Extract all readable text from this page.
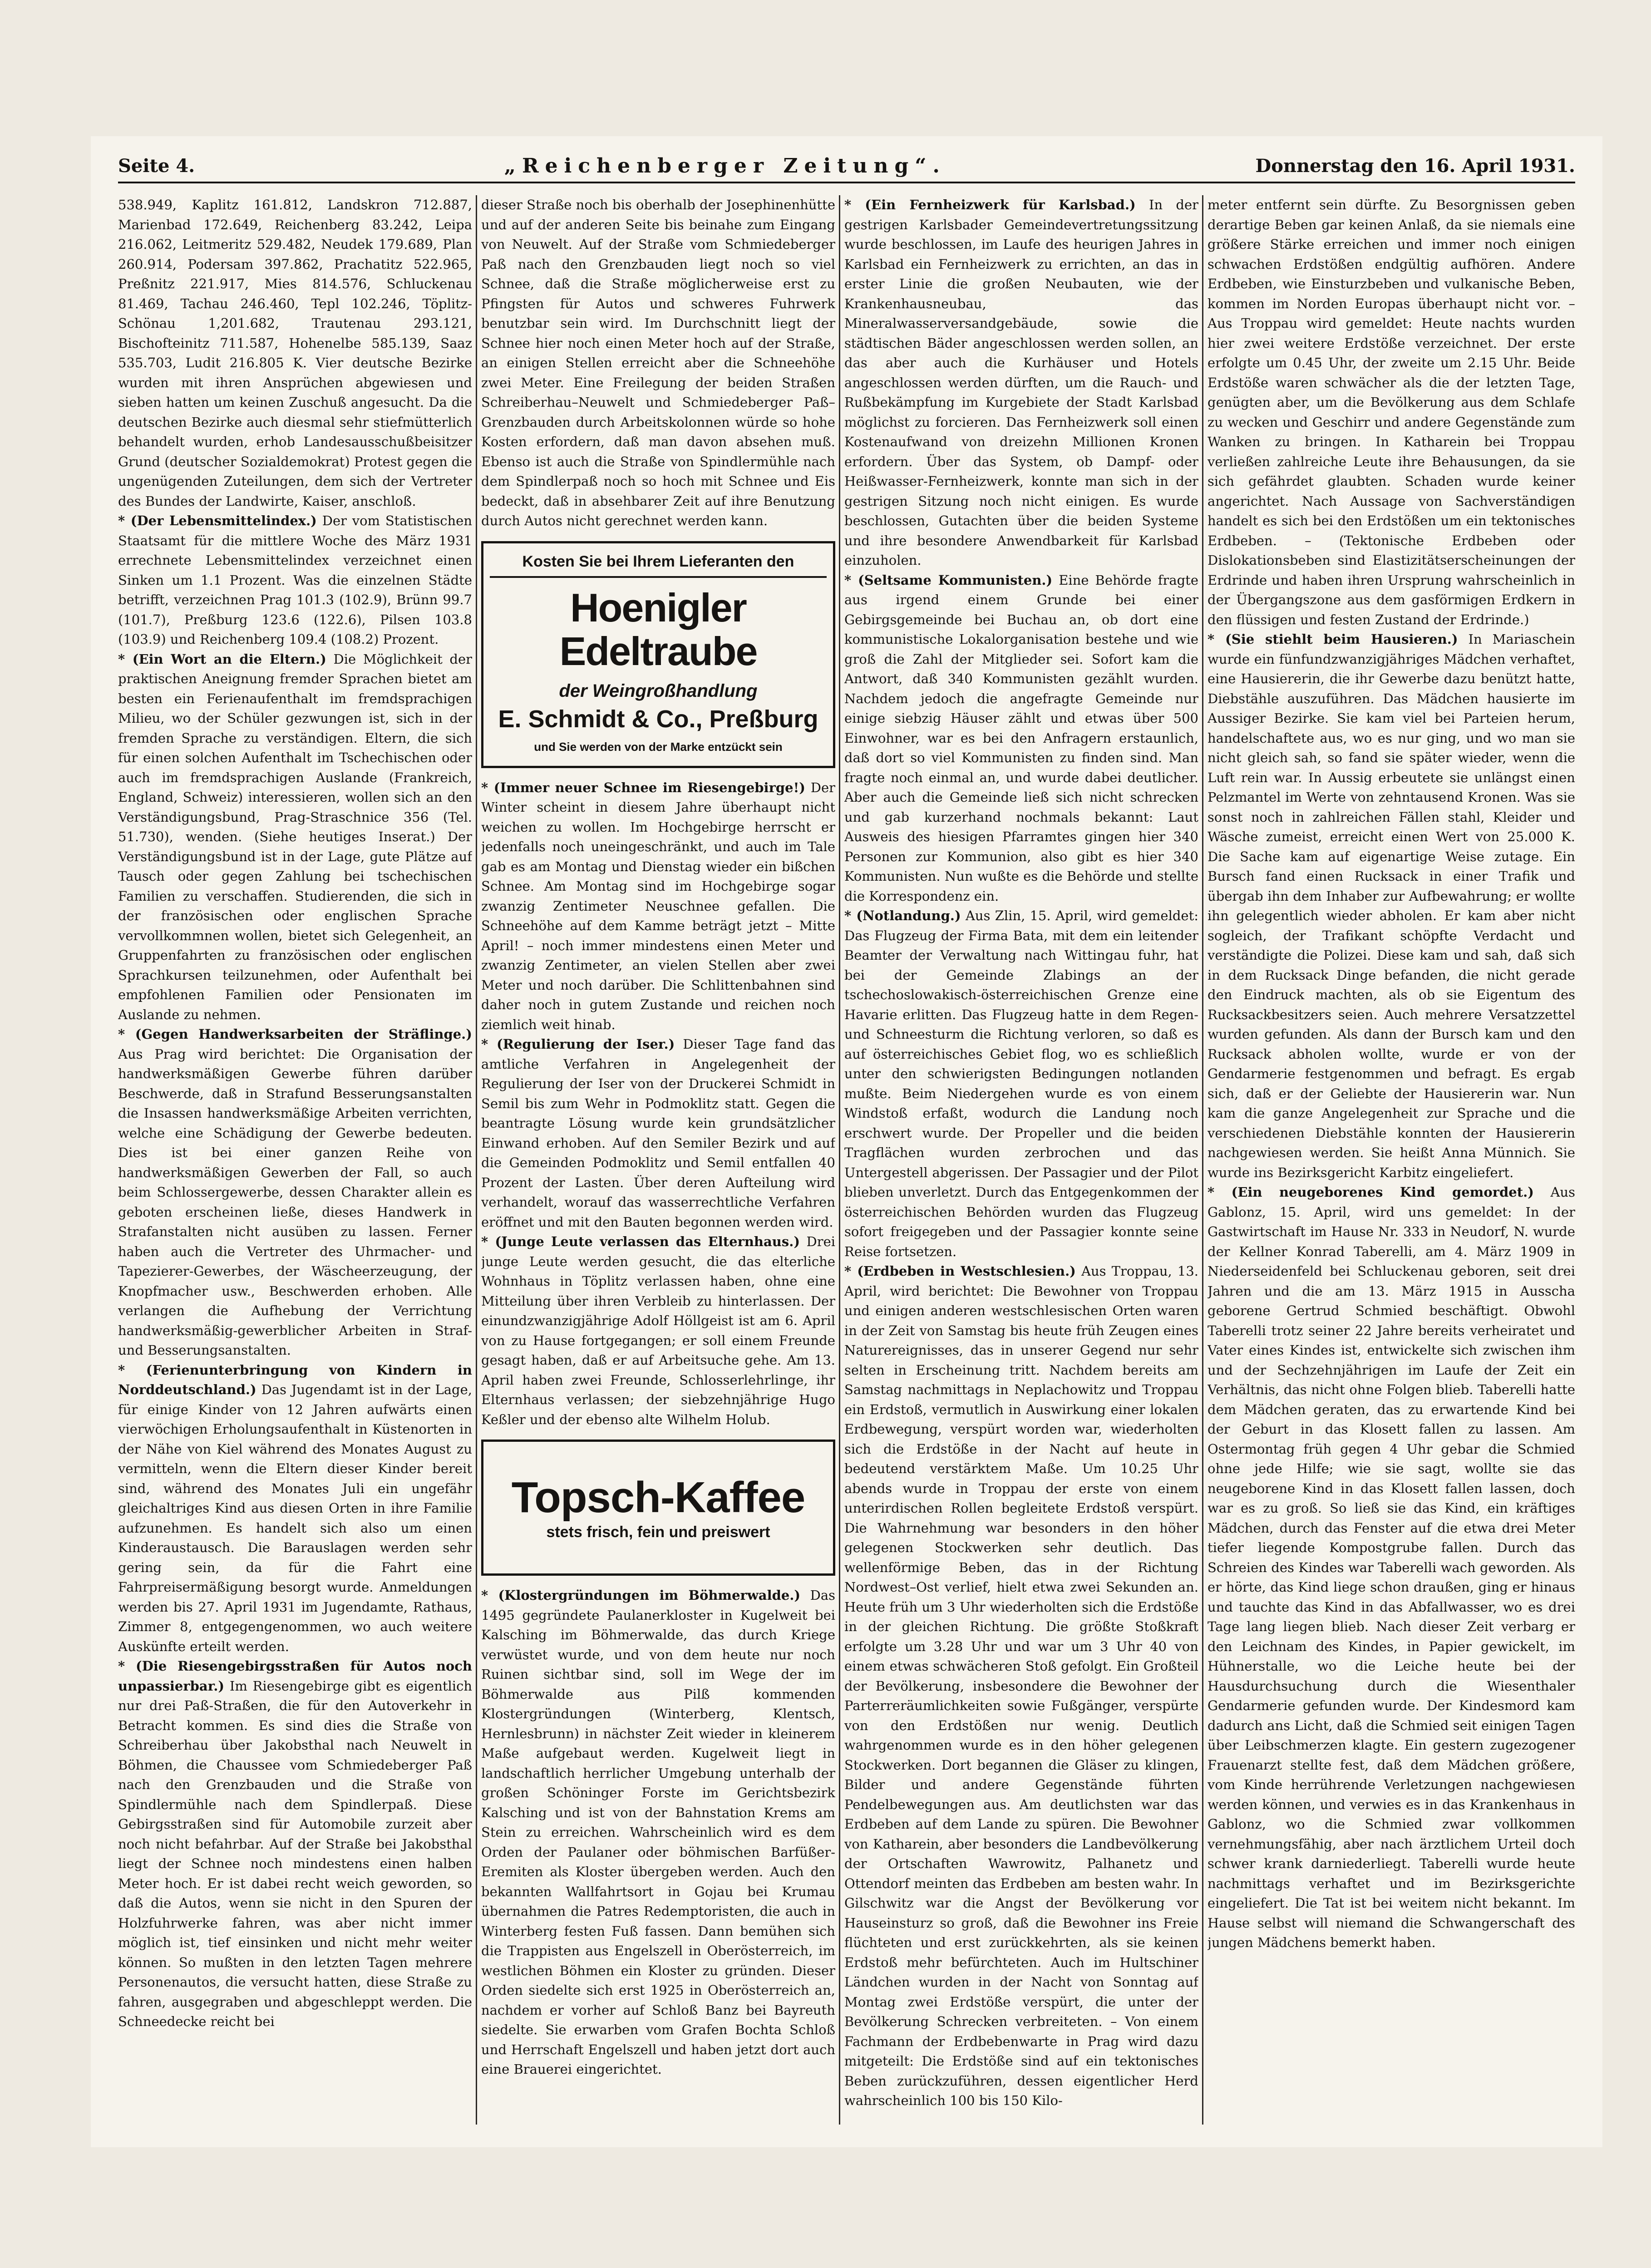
Seite 4.	„Reichenberger Zeitung“.	Donnerstag den 16. April 1931.

538.949, Kaplitz 161.812, Landskron 712.887, Marienbad 172.649, Reichenberg 83.242, Leipa 216.062, Leitmeritz 529.482, Neudek 179.689, Plan 260.914, Podersam 397.862, Prachatitz 522.965, Preßnitz 221.917, Mies 814.576, Schluckenau 81.469, Tachau 246.460, Tepl 102.246, Töplitz-Schönau 1,201.682, Trautenau 293.121, Bischofteinitz 711.587, Hohenelbe 585.139, Saaz 535.703, Ludit 216.805 K. Vier deutsche Bezirke wurden mit ihren Ansprüchen abgewiesen und sieben hatten um keinen Zuschuß angesucht. Da die deutschen Bezirke auch diesmal sehr stiefmütterlich behandelt wurden, erhob Landesausschußbeisitzer Grund (deutscher Sozialdemokrat) Protest gegen die ungenügenden Zuteilungen, dem sich der Vertreter des Bundes der Landwirte, Kaiser, anschloß.

* (Der Lebensmittelindex.) Der vom Statistischen Staatsamt für die mittlere Woche des März 1931 errechnete Lebensmittelindex verzeichnet einen Sinken um 1.1 Prozent. Was die einzelnen Städte betrifft, verzeichnen Prag 101.3 (102.9), Brünn 99.7 (101.7), Preßburg 123.6 (122.6), Pilsen 103.8 (103.9) und Reichenberg 109.4 (108.2) Prozent.

* (Ein Wort an die Eltern.) Die Möglichkeit der praktischen Aneignung fremder Sprachen bietet am besten ein Ferienaufenthalt im fremdsprachigen Milieu, wo der Schüler gezwungen ist, sich in der fremden Sprache zu verständigen. Eltern, die sich für einen solchen Aufenthalt im Tschechischen oder auch im fremdsprachigen Auslande (Frankreich, England, Schweiz) interessieren, wollen sich an den Verständigungsbund, Prag-Straschnice 356 (Tel. 51.730), wenden. (Siehe heutiges Inserat.) Der Verständigungsbund ist in der Lage, gute Plätze auf Tausch oder gegen Zahlung bei tschechischen Familien zu verschaffen. Studierenden, die sich in der französischen oder englischen Sprache vervollkommnen wollen, bietet sich Gelegenheit, an Gruppenfahrten zu französischen oder englischen Sprachkursen teilzunehmen, oder Aufenthalt bei empfohlenen Familien oder Pensionaten im Auslande zu nehmen.

* (Gegen Handwerksarbeiten der Sträflinge.) Aus Prag wird berichtet: Die Organisation der handwerksmäßigen Gewerbe führen darüber Beschwerde, daß in Strafund Besserungsanstalten die Insassen handwerksmäßige Arbeiten verrichten, welche eine Schädigung der Gewerbe bedeuten. Dies ist bei einer ganzen Reihe von handwerksmäßigen Gewerben der Fall, so auch beim Schlossergewerbe, dessen Charakter allein es geboten erscheinen ließe, dieses Handwerk in Strafanstalten nicht ausüben zu lassen. Ferner haben auch die Vertreter des Uhrmacher- und Tapezierer-Gewerbes, der Wäscheerzeugung, der Knopfmacher usw., Beschwerden erhoben. Alle verlangen die Aufhebung der Verrichtung handwerksmäßig-gewerblicher Arbeiten in Straf- und Besserungsanstalten.

* (Ferienunterbringung von Kindern in Norddeutschland.) Das Jugendamt ist in der Lage, für einige Kinder von 12 Jahren aufwärts einen vierwöchigen Erholungsaufenthalt in Küstenorten in der Nähe von Kiel während des Monates August zu vermitteln, wenn die Eltern dieser Kinder bereit sind, während des Monates Juli ein ungefähr gleichaltriges Kind aus diesen Orten in ihre Familie aufzunehmen. Es handelt sich also um einen Kinderaustausch. Die Barauslagen werden sehr gering sein, da für die Fahrt eine Fahrpreisermäßigung besorgt wurde. Anmeldungen werden bis 27. April 1931 im Jugendamte, Rathaus, Zimmer 8, entgegengenommen, wo auch weitere Auskünfte erteilt werden.

* (Die Riesengebirgsstraßen für Autos noch unpassierbar.) Im Riesengebirge gibt es eigentlich nur drei Paß-Straßen, die für den Autoverkehr in Betracht kommen. Es sind dies die Straße von Schreiberhau über Jakobsthal nach Neuwelt in Böhmen, die Chaussee vom Schmiedeberger Paß nach den Grenzbauden und die Straße von Spindlermühle nach dem Spindlerpaß. Diese Gebirgsstraßen sind für Automobile zurzeit aber noch nicht befahrbar. Auf der Straße bei Jakobsthal liegt der Schnee noch mindestens einen halben Meter hoch. Er ist dabei recht weich geworden, so daß die Autos, wenn sie nicht in den Spuren der Holzfuhrwerke fahren, was aber nicht immer möglich ist, tief einsinken und nicht mehr weiter können. So mußten in den letzten Tagen mehrere Personenautos, die versucht hatten, diese Straße zu fahren, ausgegraben und abgeschleppt werden. Die Schneedecke reicht bei

dieser Straße noch bis oberhalb der Josephinenhütte und auf der anderen Seite bis beinahe zum Eingang von Neuwelt. Auf der Straße vom Schmiedeberger Paß nach den Grenzbauden liegt noch so viel Schnee, daß die Straße möglicherweise erst zu Pfingsten für Autos und schweres Fuhrwerk benutzbar sein wird. Im Durchschnitt liegt der Schnee hier noch einen Meter hoch auf der Straße, an einigen Stellen erreicht aber die Schneehöhe zwei Meter. Eine Freilegung der beiden Straßen Schreiberhau–Neuwelt und Schmiedeberger Paß–Grenzbauden durch Arbeitskolonnen würde so hohe Kosten erfordern, daß man davon absehen muß. Ebenso ist auch die Straße von Spindlermühle nach dem Spindlerpaß noch so hoch mit Schnee und Eis bedeckt, daß in absehbarer Zeit auf ihre Benutzung durch Autos nicht gerechnet werden kann.

Kosten Sie bei Ihrem Lieferanten den
Hoenigler Edeltraube
der Weingroßhandlung
E. Schmidt & Co., Preßburg
und Sie werden von der Marke entzückt sein

* (Immer neuer Schnee im Riesengebirge!) Der Winter scheint in diesem Jahre überhaupt nicht weichen zu wollen. Im Hochgebirge herrscht er jedenfalls noch uneingeschränkt, und auch im Tale gab es am Montag und Dienstag wieder ein bißchen Schnee. Am Montag sind im Hochgebirge sogar zwanzig Zentimeter Neuschnee gefallen. Die Schneehöhe auf dem Kamme beträgt jetzt – Mitte April! – noch immer mindestens einen Meter und zwanzig Zentimeter, an vielen Stellen aber zwei Meter und noch darüber. Die Schlittenbahnen sind daher noch in gutem Zustande und reichen noch ziemlich weit hinab.

* (Regulierung der Iser.) Dieser Tage fand das amtliche Verfahren in Angelegenheit der Regulierung der Iser von der Druckerei Schmidt in Semil bis zum Wehr in Podmoklitz statt. Gegen die beantragte Lösung wurde kein grundsätzlicher Einwand erhoben. Auf den Semiler Bezirk und auf die Gemeinden Podmoklitz und Semil entfallen 40 Prozent der Lasten. Über deren Aufteilung wird verhandelt, worauf das wasserrechtliche Verfahren eröffnet und mit den Bauten begonnen werden wird.

* (Junge Leute verlassen das Elternhaus.) Drei junge Leute werden gesucht, die das elterliche Wohnhaus in Töplitz verlassen haben, ohne eine Mitteilung über ihren Verbleib zu hinterlassen. Der einundzwanzigjährige Adolf Höllgeist ist am 6. April von zu Hause fortgegangen; er soll einem Freunde gesagt haben, daß er auf Arbeitsuche gehe. Am 13. April haben zwei Freunde, Schlosserlehrlinge, ihr Elternhaus verlassen; der siebzehnjährige Hugo Keßler und der ebenso alte Wilhelm Holub.

Topsch-Kaffee
stets frisch, fein und preiswert

* (Klostergründungen im Böhmerwalde.) Das 1495 gegründete Paulanerkloster in Kugelweit bei Kalsching im Böhmerwalde, das durch Kriege verwüstet wurde, und von dem heute nur noch Ruinen sichtbar sind, soll im Wege der im Böhmerwalde aus Pilß kommenden Klostergründungen (Winterberg, Klentsch, Hernlesbrunn) in nächster Zeit wieder in kleinerem Maße aufgebaut werden. Kugelweit liegt in landschaftlich herrlicher Umgebung unterhalb der großen Schöninger Forste im Gerichtsbezirk Kalsching und ist von der Bahnstation Krems am Stein zu erreichen. Wahrscheinlich wird es dem Orden der Paulaner oder böhmischen Barfüßer-Eremiten als Kloster übergeben werden. Auch den bekannten Wallfahrtsort in Gojau bei Krumau übernahmen die Patres Redemptoristen, die auch in Winterberg festen Fuß fassen. Dann bemühen sich die Trappisten aus Engelszell in Oberösterreich, im westlichen Böhmen ein Kloster zu gründen. Dieser Orden siedelte sich erst 1925 in Oberösterreich an, nachdem er vorher auf Schloß Banz bei Bayreuth siedelte. Sie erwarben vom Grafen Bochta Schloß und Herrschaft Engelszell und haben jetzt dort auch eine Brauerei eingerichtet.

* (Ein Fernheizwerk für Karlsbad.) In der gestrigen Karlsbader Gemeindevertretungssitzung wurde beschlossen, im Laufe des heurigen Jahres in Karlsbad ein Fernheizwerk zu errichten, an das in erster Linie die großen Neubauten, wie der Krankenhausneubau, das Mineralwasserversandgebäude, sowie die städtischen Bäder angeschlossen werden sollen, an das aber auch die Kurhäuser und Hotels angeschlossen werden dürften, um die Rauch- und Rußbekämpfung im Kurgebiete der Stadt Karlsbad möglichst zu forcieren. Das Fernheizwerk soll einen Kostenaufwand von dreizehn Millionen Kronen erfordern. Über das System, ob Dampf- oder Heißwasser-Fernheizwerk, konnte man sich in der gestrigen Sitzung noch nicht einigen. Es wurde beschlossen, Gutachten über die beiden Systeme und ihre besondere Anwendbarkeit für Karlsbad einzuholen.

* (Seltsame Kommunisten.) Eine Behörde fragte aus irgend einem Grunde bei einer Gebirgsgemeinde bei Buchau an, ob dort eine kommunistische Lokalorganisation bestehe und wie groß die Zahl der Mitglieder sei. Sofort kam die Antwort, daß 340 Kommunisten gezählt wurden. Nachdem jedoch die angefragte Gemeinde nur einige siebzig Häuser zählt und etwas über 500 Einwohner, war es bei den Anfragern erstaunlich, daß dort so viel Kommunisten zu finden sind. Man fragte noch einmal an, und wurde dabei deutlicher. Aber auch die Gemeinde ließ sich nicht schrecken und gab kurzerhand nochmals bekannt: Laut Ausweis des hiesigen Pfarramtes gingen hier 340 Personen zur Kommunion, also gibt es hier 340 Kommunisten. Nun wußte es die Behörde und stellte die Korrespondenz ein.

* (Notlandung.) Aus Zlin, 15. April, wird gemeldet: Das Flugzeug der Firma Bata, mit dem ein leitender Beamter der Verwaltung nach Wittingau fuhr, hat bei der Gemeinde Zlabings an der tschechoslowakisch-österreichischen Grenze eine Havarie erlitten. Das Flugzeug hatte in dem Regen- und Schneesturm die Richtung verloren, so daß es auf österreichisches Gebiet flog, wo es schließlich unter den schwierigsten Bedingungen notlanden mußte. Beim Niedergehen wurde es von einem Windstoß erfaßt, wodurch die Landung noch erschwert wurde. Der Propeller und die beiden Tragflächen wurden zerbrochen und das Untergestell abgerissen. Der Passagier und der Pilot blieben unverletzt. Durch das Entgegenkommen der österreichischen Behörden wurden das Flugzeug sofort freigegeben und der Passagier konnte seine Reise fortsetzen.

* (Erdbeben in Westschlesien.) Aus Troppau, 13. April, wird berichtet: Die Bewohner von Troppau und einigen anderen westschlesischen Orten waren in der Zeit von Samstag bis heute früh Zeugen eines Naturereignisses, das in unserer Gegend nur sehr selten in Erscheinung tritt. Nachdem bereits am Samstag nachmittags in Neplachowitz und Troppau ein Erdstoß, vermutlich in Auswirkung einer lokalen Erdbewegung, verspürt worden war, wiederholten sich die Erdstöße in der Nacht auf heute in bedeutend verstärktem Maße. Um 10.25 Uhr abends wurde in Troppau der erste von einem unterirdischen Rollen begleitete Erdstoß verspürt. Die Wahrnehmung war besonders in den höher gelegenen Stockwerken sehr deutlich. Das wellenförmige Beben, das in der Richtung Nordwest–Ost verlief, hielt etwa zwei Sekunden an. Heute früh um 3 Uhr wiederholten sich die Erdstöße in der gleichen Richtung. Die größte Stoßkraft erfolgte um 3.28 Uhr und war um 3 Uhr 40 von einem etwas schwächeren Stoß gefolgt. Ein Großteil der Bevölkerung, insbesondere die Bewohner der Parterreräumlichkeiten sowie Fußgänger, verspürte von den Erdstößen nur wenig. Deutlich wahrgenommen wurde es in den höher gelegenen Stockwerken. Dort begannen die Gläser zu klingen, Bilder und andere Gegenstände führten Pendelbewegungen aus. Am deutlichsten war das Erdbeben auf dem Lande zu spüren. Die Bewohner von Katharein, aber besonders die Landbevölkerung der Ortschaften Wawrowitz, Palhanetz und Ottendorf meinten das Erdbeben am besten wahr. In Gilschwitz war die Angst der Bevölkerung vor Hauseinsturz so groß, daß die Bewohner ins Freie flüchteten und erst zurückkehrten, als sie keinen Erdstoß mehr befürchteten. Auch im Hultschiner Ländchen wurden in der Nacht von Sonntag auf Montag zwei Erdstöße verspürt, die unter der Bevölkerung Schrecken verbreiteten. – Von einem Fachmann der Erdbebenwarte in Prag wird dazu mitgeteilt: Die Erdstöße sind auf ein tektonisches Beben zurückzuführen, dessen eigentlicher Herd wahrscheinlich 100 bis 150 Kilo-

meter entfernt sein dürfte. Zu Besorgnissen geben derartige Beben gar keinen Anlaß, da sie niemals eine größere Stärke erreichen und immer noch einigen schwachen Erdstößen endgültig aufhören. Andere Erdbeben, wie Einsturzbeben und vulkanische Beben, kommen im Norden Europas überhaupt nicht vor. – Aus Troppau wird gemeldet: Heute nachts wurden hier zwei weitere Erdstöße verzeichnet. Der erste erfolgte um 0.45 Uhr, der zweite um 2.15 Uhr. Beide Erdstöße waren schwächer als die der letzten Tage, genügten aber, um die Bevölkerung aus dem Schlafe zu wecken und Geschirr und andere Gegenstände zum Wanken zu bringen. In Katharein bei Troppau verließen zahlreiche Leute ihre Behausungen, da sie sich gefährdet glaubten. Schaden wurde keiner angerichtet. Nach Aussage von Sachverständigen handelt es sich bei den Erdstößen um ein tektonisches Erdbeben. – (Tektonische Erdbeben oder Dislokationsbeben sind Elastizitätserscheinungen der Erdrinde und haben ihren Ursprung wahrscheinlich in der Übergangszone aus dem gasförmigen Erdkern in den flüssigen und festen Zustand der Erdrinde.)

* (Sie stiehlt beim Hausieren.) In Mariaschein wurde ein fünfundzwanzigjähriges Mädchen verhaftet, eine Hausiererin, die ihr Gewerbe dazu benützt hatte, Diebstähle auszuführen. Das Mädchen hausierte im Aussiger Bezirke. Sie kam viel bei Parteien herum, handelschaftete aus, wo es nur ging, und wo man sie nicht gleich sah, so fand sie später wieder, wenn die Luft rein war. In Aussig erbeutete sie unlängst einen Pelzmantel im Werte von zehntausend Kronen. Was sie sonst noch in zahlreichen Fällen stahl, Kleider und Wäsche zumeist, erreicht einen Wert von 25.000 K. Die Sache kam auf eigenartige Weise zutage. Ein Bursch fand einen Rucksack in einer Trafik und übergab ihn dem Inhaber zur Aufbewahrung; er wollte ihn gelegentlich wieder abholen. Er kam aber nicht sogleich, der Trafikant schöpfte Verdacht und verständigte die Polizei. Diese kam und sah, daß sich in dem Rucksack Dinge befanden, die nicht gerade den Eindruck machten, als ob sie Eigentum des Rucksackbesitzers seien. Auch mehrere Versatzzettel wurden gefunden. Als dann der Bursch kam und den Rucksack abholen wollte, wurde er von der Gendarmerie festgenommen und befragt. Es ergab sich, daß er der Geliebte der Hausiererin war. Nun kam die ganze Angelegenheit zur Sprache und die verschiedenen Diebstähle konnten der Hausiererin nachgewiesen werden. Sie heißt Anna Münnich. Sie wurde ins Bezirksgericht Karbitz eingeliefert.

* (Ein neugeborenes Kind gemordet.) Aus Gablonz, 15. April, wird uns gemeldet: In der Gastwirtschaft im Hause Nr. 333 in Neudorf, N. wurde der Kellner Konrad Taberelli, am 4. März 1909 in Niederseidenfeld bei Schluckenau geboren, seit drei Jahren und die am 13. März 1915 in Ausscha geborene Gertrud Schmied beschäftigt. Obwohl Taberelli trotz seiner 22 Jahre bereits verheiratet und Vater eines Kindes ist, entwickelte sich zwischen ihm und der Sechzehnjährigen im Laufe der Zeit ein Verhältnis, das nicht ohne Folgen blieb. Taberelli hatte dem Mädchen geraten, das zu erwartende Kind bei der Geburt in das Klosett fallen zu lassen. Am Ostermontag früh gegen 4 Uhr gebar die Schmied ohne jede Hilfe; wie sie sagt, wollte sie das neugeborene Kind in das Klosett fallen lassen, doch war es zu groß. So ließ sie das Kind, ein kräftiges Mädchen, durch das Fenster auf die etwa drei Meter tiefer liegende Kompostgrube fallen. Durch das Schreien des Kindes war Taberelli wach geworden. Als er hörte, das Kind liege schon draußen, ging er hinaus und tauchte das Kind in das Abfallwasser, wo es drei Tage lang liegen blieb. Nach dieser Zeit verbarg er den Leichnam des Kindes, in Papier gewickelt, im Hühnerstalle, wo die Leiche heute bei der Hausdurchsuchung durch die Wiesenthaler Gendarmerie gefunden wurde. Der Kindesmord kam dadurch ans Licht, daß die Schmied seit einigen Tagen über Leibschmerzen klagte. Ein gestern zugezogener Frauenarzt stellte fest, daß dem Mädchen größere, vom Kinde herrührende Verletzungen nachgewiesen werden können, und verwies es in das Krankenhaus in Gablonz, wo die Schmied zwar vollkommen vernehmungsfähig, aber nach ärztlichem Urteil doch schwer krank darniederliegt. Taberelli wurde heute nachmittags verhaftet und im Bezirksgerichte eingeliefert. Die Tat ist bei weitem nicht bekannt. Im Hause selbst will niemand die Schwangerschaft des jungen Mädchens bemerkt haben.
